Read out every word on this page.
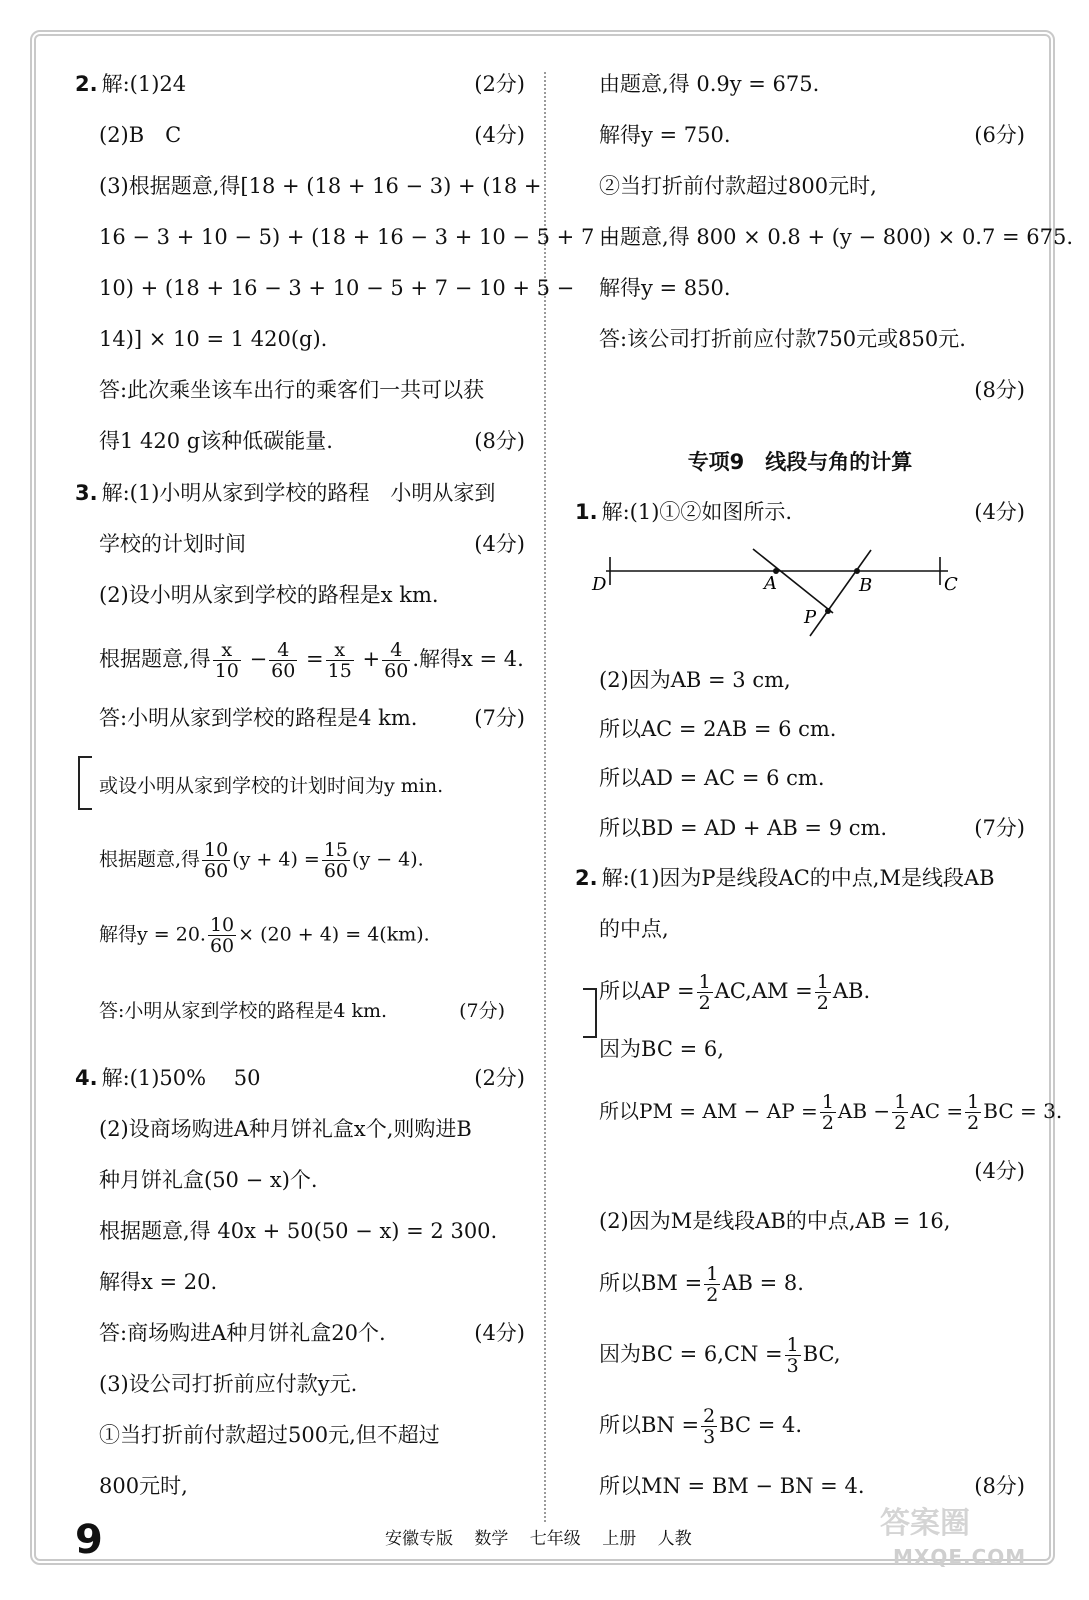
2. 解:(1)24	(2分)
(2)B　C	(4分)
(3)根据题意,得[18 + (18 + 16 − 3) + (18 +
16 − 3 + 10 − 5) + (18 + 16 − 3 + 10 − 5 + 7 −
10) + (18 + 16 − 3 + 10 − 5 + 7 − 10 + 5 −
14)] × 10 = 1 420(g).
答:此次乘坐该车出行的乘客们一共可以获
得1 420 g该种低碳能量.	(8分)
3. 解:(1)小明从家到学校的路程　小明从家到
学校的计划时间	(4分)
(2)设小明从家到学校的路程是x km.
根据题意,得 $\frac{x}{10} - \frac{4}{60} = \frac{x}{15} + \frac{4}{60}$ .解得x = 4.
答:小明从家到学校的路程是4 km.	(7分)
或设小明从家到学校的计划时间为y min.
根据题意,得 $\frac{10}{60} (y + 4) = \frac{15}{60} (y - 4)$.
解得y = 20. $\frac{10}{60} \times (20 + 4) = 4(km)$.
答:小明从家到学校的路程是4 km.	(7分)
4. 解:(1)50%　 50	(2分)
(2)设商场购进A种月饼礼盒x个,则购进B
种月饼礼盒(50 − x)个.
根据题意,得 40x + 50(50 − x) = 2 300.
解得x = 20.
答:商场购进A种月饼礼盒20个.	(4分)
(3)设公司打折前应付款y元.
①当打折前付款超过500元,但不超过
800元时,
由题意,得 0.9y = 675.
解得y = 750.	(6分)
②当打折前付款超过800元时,
由题意,得 800 × 0.8 + (y − 800) × 0.7 = 675.
解得y = 850.
答:该公司打折前应付款750元或850元.
(8分)
专项9　线段与角的计算
1. 解:(1)①②如图所示.	(4分)
(2)因为AB = 3 cm,
所以AC = 2AB = 6 cm.
所以AD = AC = 6 cm.
所以BD = AD + AB = 9 cm.	(7分)
2. 解:(1)因为P是线段AC的中点,M是线段AB
的中点,
所以AP = $\frac{1}{2} AC,AM = \frac{1}{2}$ AB.
因为BC = 6,
所以PM = AM − AP = $\frac{1}{2}$ AB − $\frac{1}{2}$ AC = $\frac{1}{2}$ BC = 3.
(4分)
(2)因为M是线段AB的中点,AB = 16,
所以BM = $\frac{1}{2}$ AB = 8.
因为BC = $6,CN = \frac{1}{3}$ BC,
所以BN = $\frac{2}{3}$ BC = 4.
所以MN = BM − BN = 4.	(8分)
D	A	B	C
P
9	安徽专版 数学 七年级 上册 人教	答案圈
MXQE.COM
